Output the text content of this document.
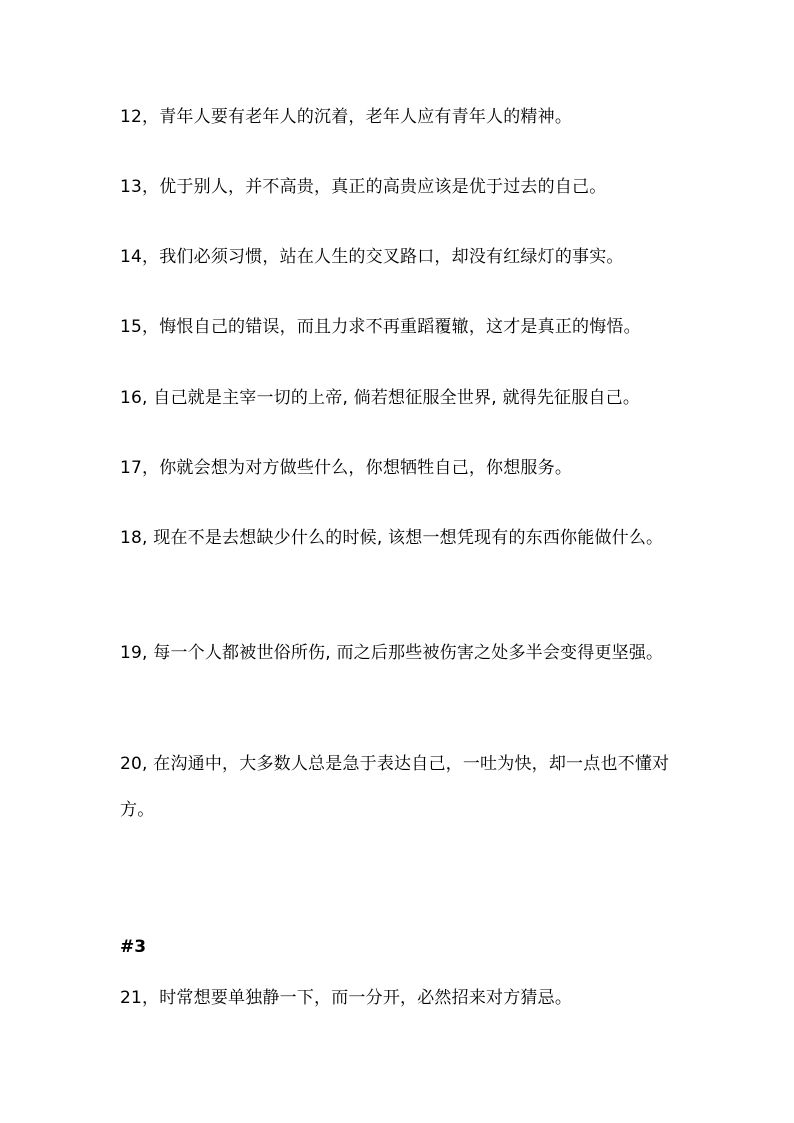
12，青年人要有老年人的沉着，老年人应有青年人的精神。
13，优于别人，并不高贵，真正的高贵应该是优于过去的自己。
14，我们必须习惯，站在人生的交叉路口，却没有红绿灯的事实。
15，悔恨自己的错误，而且力求不再重蹈覆辙，这才是真正的悔悟。
16, 自己就是主宰一切的上帝, 倘若想征服全世界, 就得先征服自己。
17，你就会想为对方做些什么，你想牺牲自己，你想服务。
18, 现在不是去想缺少什么的时候, 该想一想凭现有的东西你能做什么。
19, 每一个人都被世俗所伤, 而之后那些被伤害之处多半会变得更坚强。
20, 在沟通中，大多数人总是急于表达自己，一吐为快，却一点也不懂对方。
#3
21，时常想要单独静一下，而一分开，必然招来对方猜忌。
